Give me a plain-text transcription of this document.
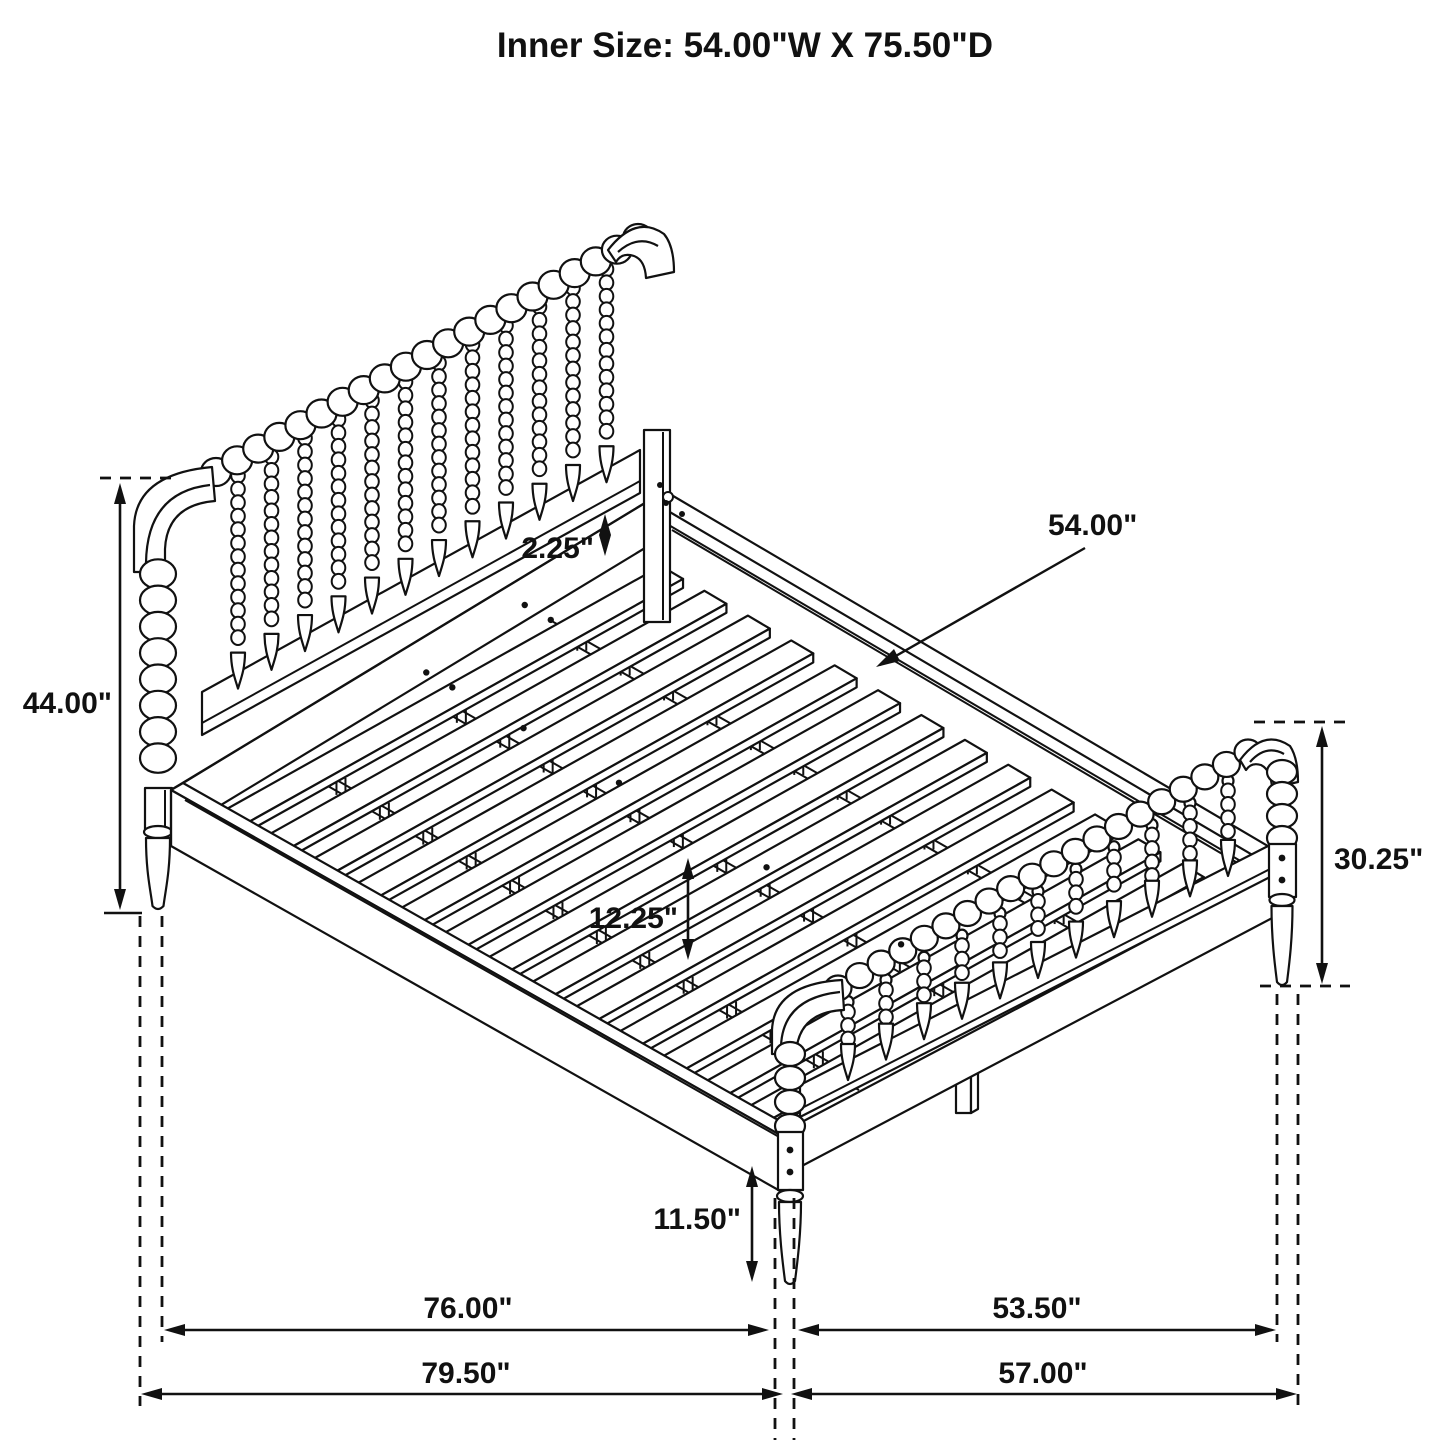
Inner Size: 54.00"W X 75.50"D
44.00"
2.25"
54.00"
30.25"
12.25"
11.50"
76.00"	53.50"
79.50"	57.00"
